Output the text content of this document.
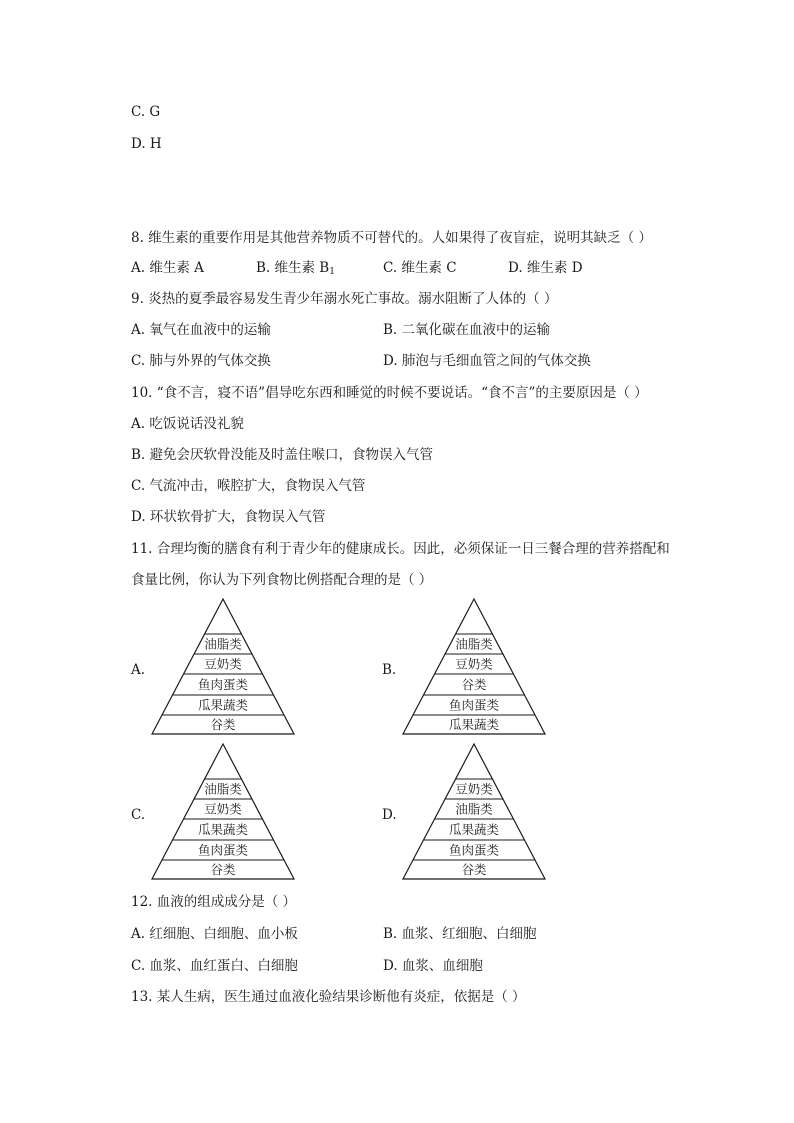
C. G
D. H
8. 维生素的重要作用是其他营养物质不可替代的。人如果得了夜盲症，说明其缺乏（ ）
A. 维生素 A	B. 维生素 $B_1$	C. 维生素 C	D. 维生素 D
9. 炎热的夏季最容易发生青少年溺水死亡事故。溺水阻断了人体的（ ）
A. 氧气在血液中的运输	B. 二氧化碳在血液中的运输
C. 肺与外界的气体交换	D. 肺泡与毛细血管之间的气体交换
10. “食不言，寝不语”倡导吃东西和睡觉的时候不要说话。“食不言”的主要原因是（ ）
A. 吃饭说话没礼貌
B. 避免会厌软骨没能及时盖住喉口，食物误入气管
C. 气流冲击，喉腔扩大，食物误入气管
D. 环状软骨扩大，食物误入气管
11. 合理均衡的膳食有利于青少年的健康成长。因此，必须保证一日三餐合理的营养搭配和
食量比例，你认为下列食物比例搭配合理的是（ ）
A.	B.
C.	D.
油脂类
豆奶类
鱼肉蛋类
瓜果蔬类
谷类
油脂类
豆奶类
谷类
鱼肉蛋类
瓜果蔬类
油脂类
豆奶类
瓜果蔬类
鱼肉蛋类
谷类
豆奶类
油脂类
瓜果蔬类
鱼肉蛋类
谷类
12. 血液的组成成分是（ ）
A. 红细胞、白细胞、血小板	B. 血浆、红细胞、白细胞
C. 血浆、血红蛋白、白细胞	D. 血浆、血细胞
13. 某人生病，医生通过血液化验结果诊断他有炎症，依据是（ ）
